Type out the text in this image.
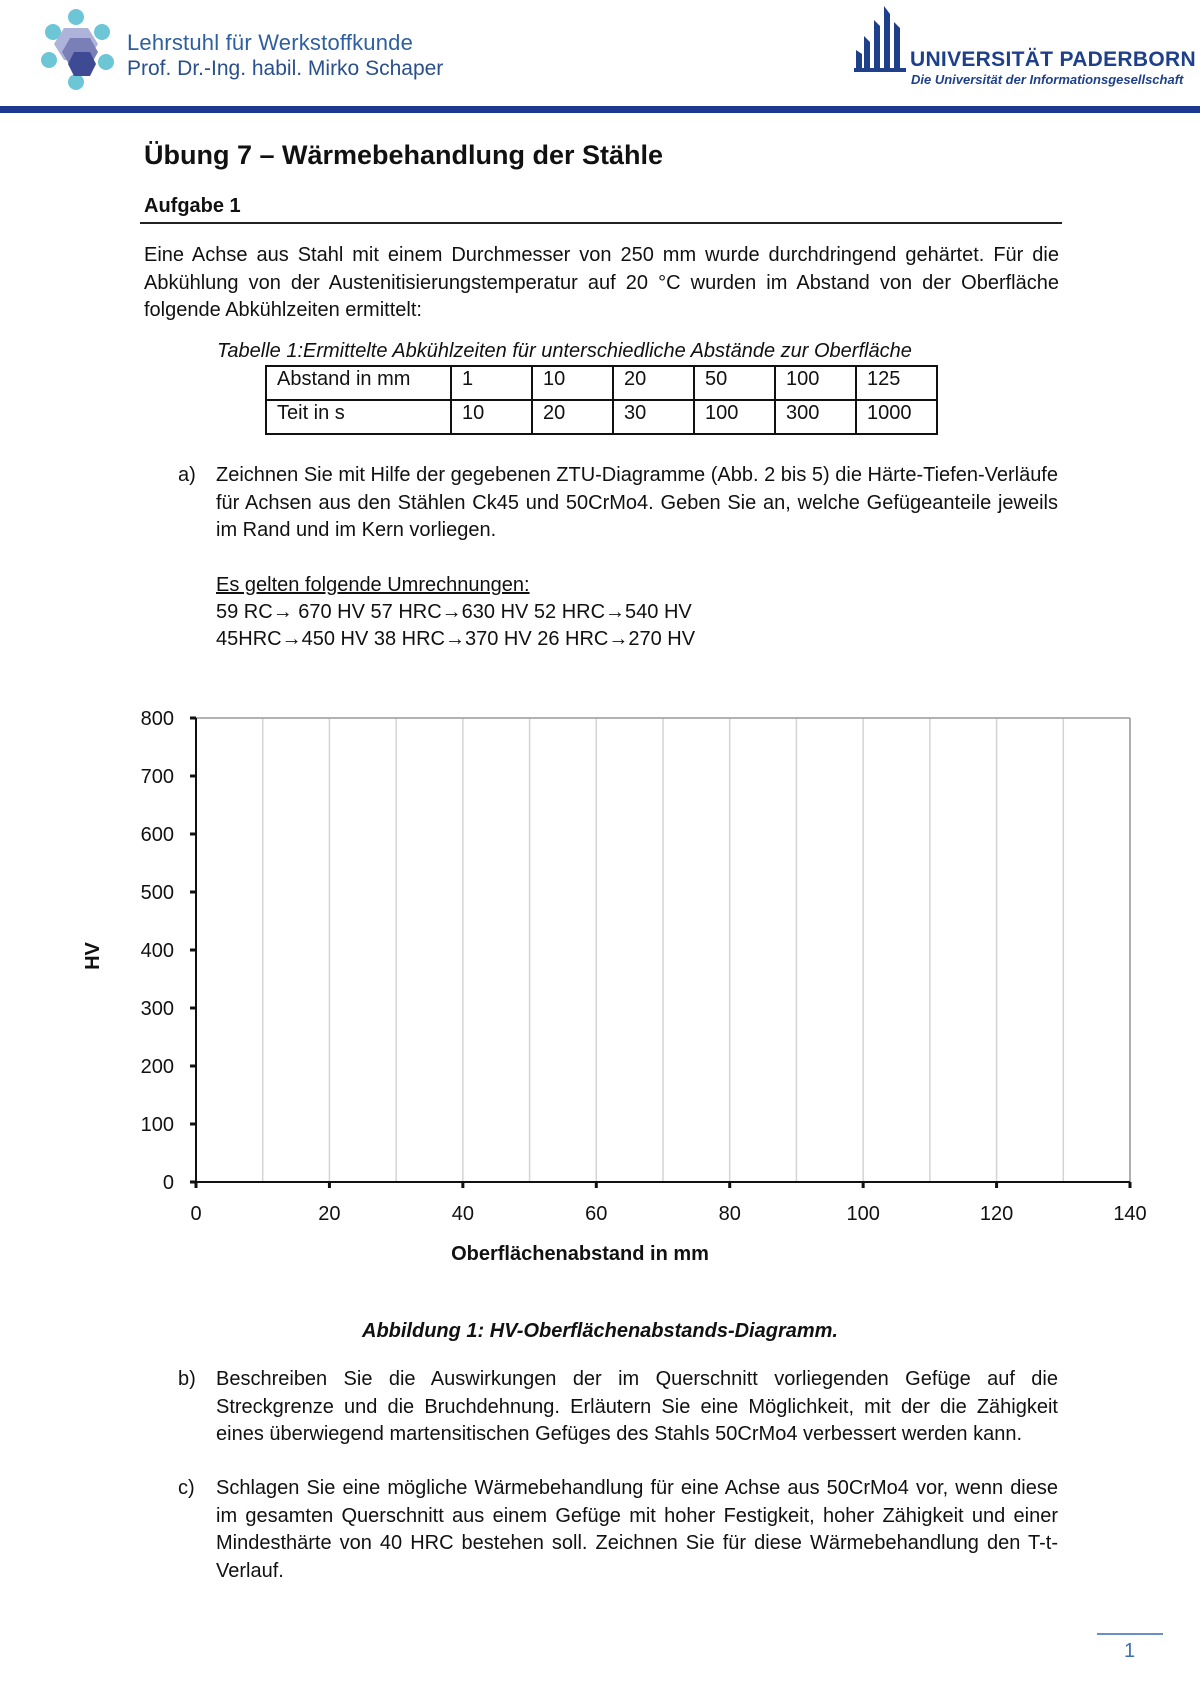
Lehrstuhl für Werkstoffkunde
Prof. Dr.-Ing. habil. Mirko Schaper	UNIVERSITÄT PADERBORN
Die Universität der Informationsgesellschaft
Übung 7 – Wärmebehandlung der Stähle
Aufgabe 1
Eine Achse aus Stahl mit einem Durchmesser von 250 mm wurde durchdringend gehärtet. Für die Abkühlung von der Austenitisierungstemperatur auf 20 °C wurden im Abstand von der Oberfläche folgende Abkühlzeiten ermittelt:
Tabelle 1:Ermittelte Abkühlzeiten für unterschiedliche Abstände zur Oberfläche
Abstand in mm	1	10	20	50	100	125
Teit in s	10	20	30	100	300	1000
a) Zeichnen Sie mit Hilfe der gegebenen ZTU-Diagramme (Abb. 2 bis 5) die Härte-Tiefen-Verläufe für Achsen aus den Stählen Ck45 und 50CrMo4. Geben Sie an, welche Gefügeanteile jeweils im Rand und im Kern vorliegen.
Es gelten folgende Umrechnungen:
59 RC→ 670 HV 57 HRC→630 HV 52 HRC→540 HV
45HRC→450 HV 38 HRC→370 HV 26 HRC→270 HV
0
100
200
300
400
500
600
700
800
0	20	40	60	80	100	120	140
Oberflächenabstand in mm
HV
Abbildung 1: HV-Oberflächenabstands-Diagramm.
b) Beschreiben Sie die Auswirkungen der im Querschnitt vorliegenden Gefüge auf die Streckgrenze und die Bruchdehnung. Erläutern Sie eine Möglichkeit, mit der die Zähigkeit eines überwiegend martensitischen Gefüges des Stahls 50CrMo4 verbessert werden kann.
c) Schlagen Sie eine mögliche Wärmebehandlung für eine Achse aus 50CrMo4 vor, wenn diese im gesamten Querschnitt aus einem Gefüge mit hoher Festigkeit, hoher Zähigkeit und einer Mindesthärte von 40 HRC bestehen soll. Zeichnen Sie für diese Wärmebehandlung den T-t-Verlauf.
1
